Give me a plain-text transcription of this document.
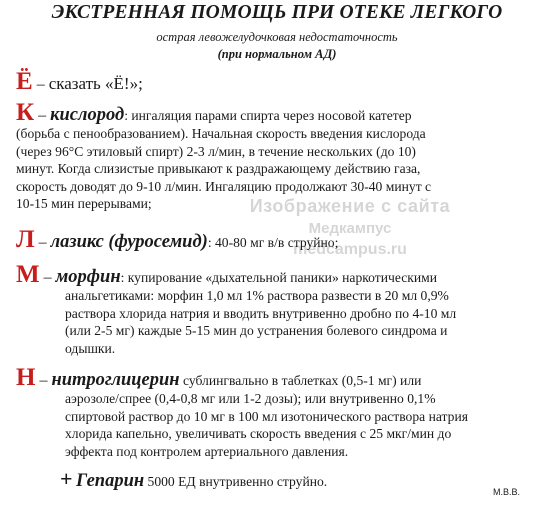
ЭКСТРЕННАЯ ПОМОЩЬ ПРИ ОТЕКЕ ЛЕГКОГО
острая левожелудочковая недостаточность
(при нормальном АД)
Ё – сказать «Ё!»;
К – кислород: ингаляция парами спирта через носовой катетер
(борьба с пенообразованием). Начальная скорость введения кислорода
(через 96°С этиловый спирт) 2-3 л/мин, в течение нескольких (до 10)
минут. Когда слизистые привыкают к раздражающему действию газа,
скорость доводят до 9-10 л/мин. Ингаляцию продолжают 30-40 минут с
10-15 мин перерывами;
Л – лазикс (фуросемид): 40-80 мг в/в струйно;
М – морфин: купирование «дыхательной паники» наркотическими
анальгетиками: морфин 1,0 мл 1% раствора развести в 20 мл 0,9%
раствора хлорида натрия и вводить внутривенно дробно по 4-10 мл
(или 2-5 мг) каждые 5-15 мин до устранения болевого синдрома и
одышки.
Н – нитроглицерин сублингвально в таблетках (0,5-1 мг) или
аэрозоле/спрее (0,4-0,8 мг или 1-2 дозы); или внутривенно 0,1%
спиртовой раствор до 10 мг в 100 мл изотонического раствора натрия
хлорида капельно, увеличивать скорость введения с 25 мкг/мин до
эффекта под контролем артериального давления.
+ Гепарин 5000 ЕД внутривенно струйно.
М.В.В.
Изображение с сайта
Медкампус
medcampus.ru
